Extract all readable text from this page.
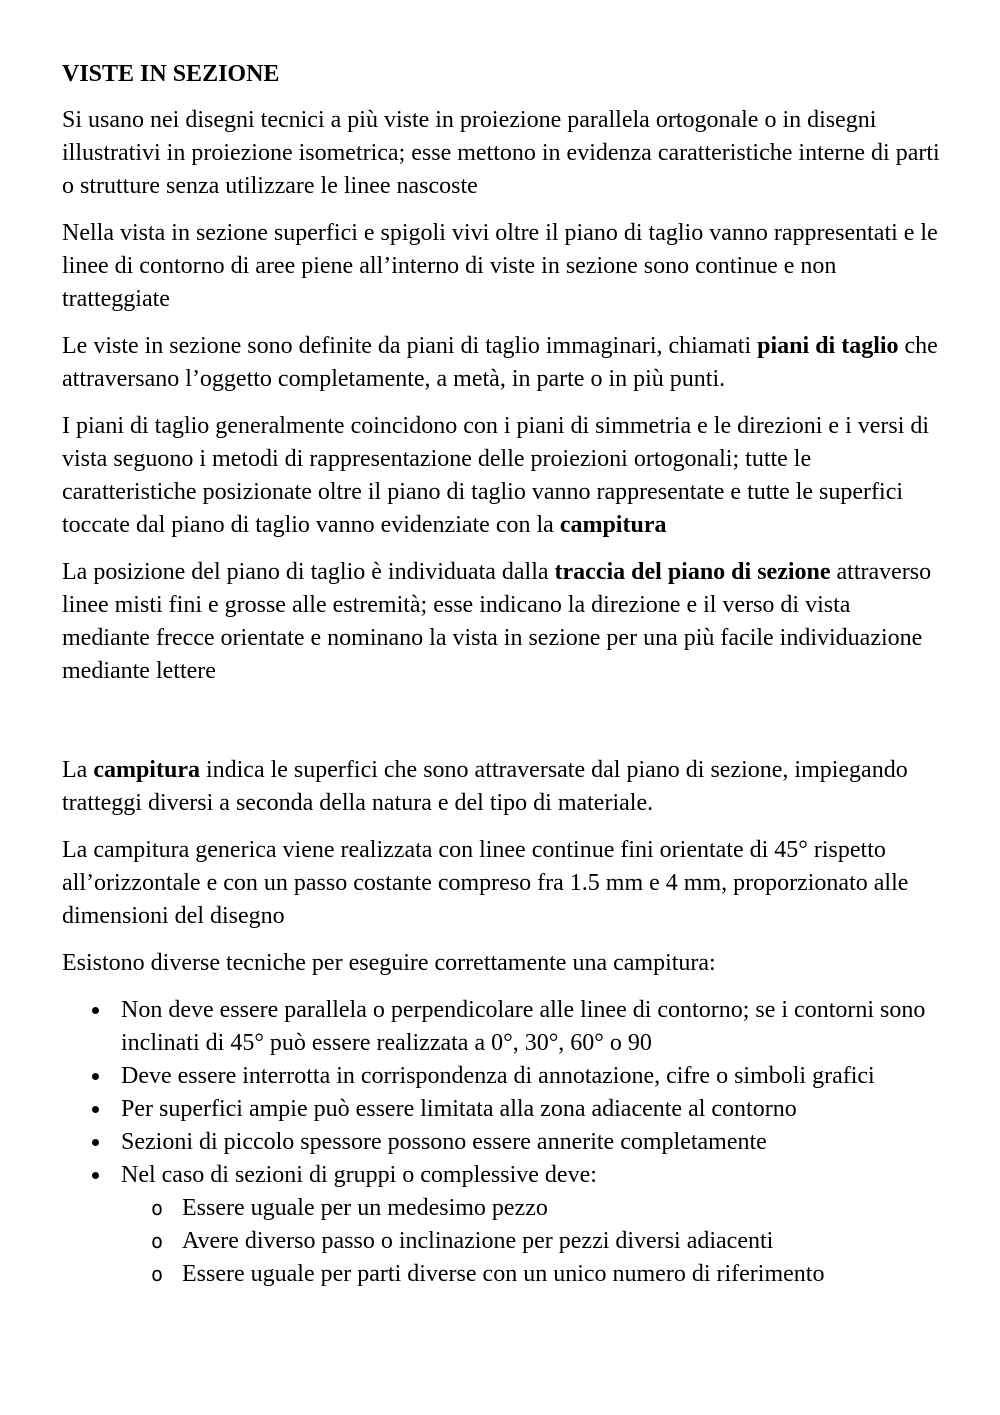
VISTE IN SEZIONE

Si usano nei disegni tecnici a più viste in proiezione parallela ortogonale o in disegni illustrativi in proiezione isometrica; esse mettono in evidenza caratteristiche interne di parti o strutture senza utilizzare le linee nascoste

Nella vista in sezione superfici e spigoli vivi oltre il piano di taglio vanno rappresentati e le linee di contorno di aree piene all’interno di viste in sezione sono continue e non tratteggiate

Le viste in sezione sono definite da piani di taglio immaginari, chiamati piani di taglio che attraversano l’oggetto completamente, a metà, in parte o in più punti.

I piani di taglio generalmente coincidono con i piani di simmetria e le direzioni e i versi di vista seguono i metodi di rappresentazione delle proiezioni ortogonali; tutte le caratteristiche posizionate oltre il piano di taglio vanno rappresentate e tutte le superfici toccate dal piano di taglio vanno evidenziate con la campitura

La posizione del piano di taglio è individuata dalla traccia del piano di sezione attraverso linee misti fini e grosse alle estremità; esse indicano la direzione e il verso di vista mediante frecce orientate e nominano la vista in sezione per una più facile individuazione mediante lettere

La campitura indica le superfici che sono attraversate dal piano di sezione, impiegando tratteggi diversi a seconda della natura e del tipo di materiale.

La campitura generica viene realizzata con linee continue fini orientate di 45° rispetto all’orizzontale e con un passo costante compreso fra 1.5 mm e 4 mm, proporzionato alle dimensioni del disegno

Esistono diverse tecniche per eseguire correttamente una campitura:

Non deve essere parallela o perpendicolare alle linee di contorno; se i contorni sono inclinati di 45° può essere realizzata a 0°, 30°, 60° o 90
Deve essere interrotta in corrispondenza di annotazione, cifre o simboli grafici
Per superfici ampie può essere limitata alla zona adiacente al contorno
Sezioni di piccolo spessore possono essere annerite completamente
Nel caso di sezioni di gruppi o complessive deve:
o Essere uguale per un medesimo pezzo
o Avere diverso passo o inclinazione per pezzi diversi adiacenti
o Essere uguale per parti diverse con un unico numero di riferimento
